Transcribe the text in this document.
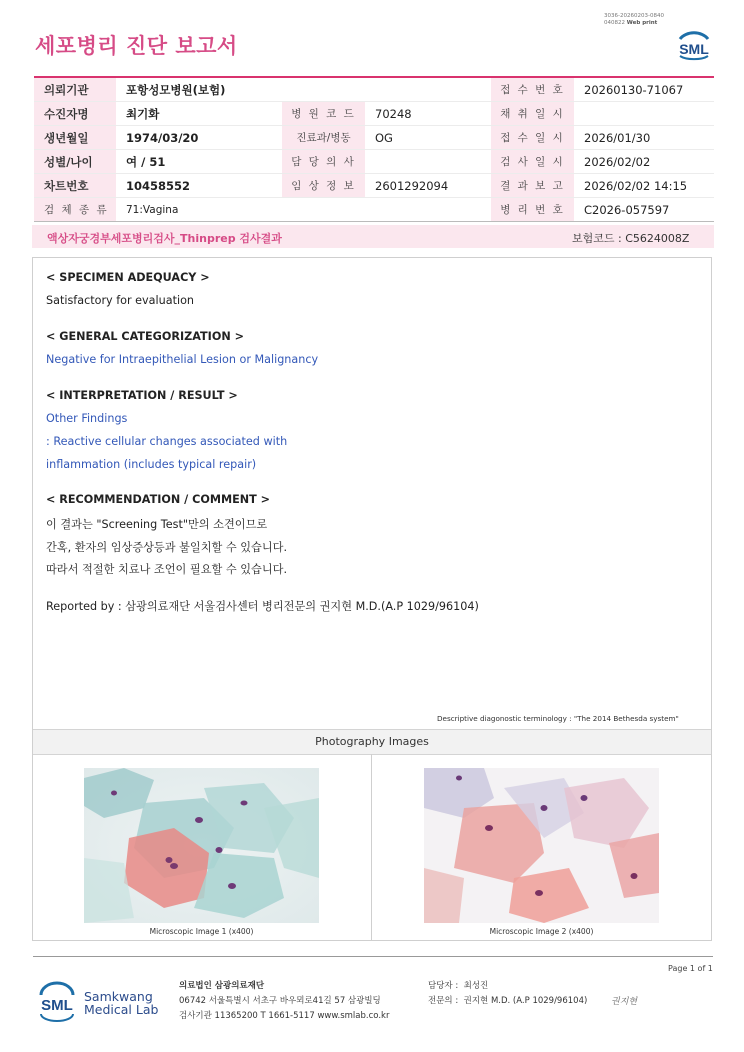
3036-20260203-0840
040822 Web print
세포병리 진단 보고서	SML
의뢰기관	포항성모병원(보험)			접 수 번 호	20260130-71067
수진자명	최기화	병 원 코 드	70248	채 취 일 시	
생년월일	1974/03/20	진료과/병동	OG	접 수 일 시	2026/01/30
성별/나이	여 / 51	담 당 의 사		검 사 일 시	2026/02/02
차트번호	10458552	임 상 정 보	2601292094	결 과 보 고	2026/02/02 14:15
검 체 종 류	71:Vagina			병 리 번 호	C2026-057597
액상자궁경부세포병리검사_Thinprep 검사결과	보험코드 : C5624008Z
< SPECIMEN ADEQUACY >
Satisfactory for evaluation
< GENERAL CATEGORIZATION >
Negative for Intraepithelial Lesion or Malignancy
< INTERPRETATION / RESULT >
Other Findings
: Reactive cellular changes associated with
inflammation (includes typical repair)
< RECOMMENDATION / COMMENT >
이 결과는 "Screening Test"만의 소견이므로
간혹, 환자의 임상증상등과 불일치할 수 있습니다.
따라서 적절한 치료나 조언이 필요할 수 있습니다.
Reported by : 삼광의료재단 서울검사센터 병리전문의 권지현 M.D.(A.P 1029/96104)
Descriptive diagonostic terminology : "The 2014 Bethesda system"
Photography Images
Microscopic Image 1 (x400)	Microscopic Image 2 (x400)
Page 1 of 1
SML
Samkwang
Medical Lab
의료법인 삼광의료재단
06742 서울특별시 서초구 바우뫼로41길 57 삼광빌딩
검사기관 11365200 T 1661-5117 www.smlab.co.kr
담당자 : 최성진
전문의 : 권지현 M.D. (A.P 1029/96104)	권지현
